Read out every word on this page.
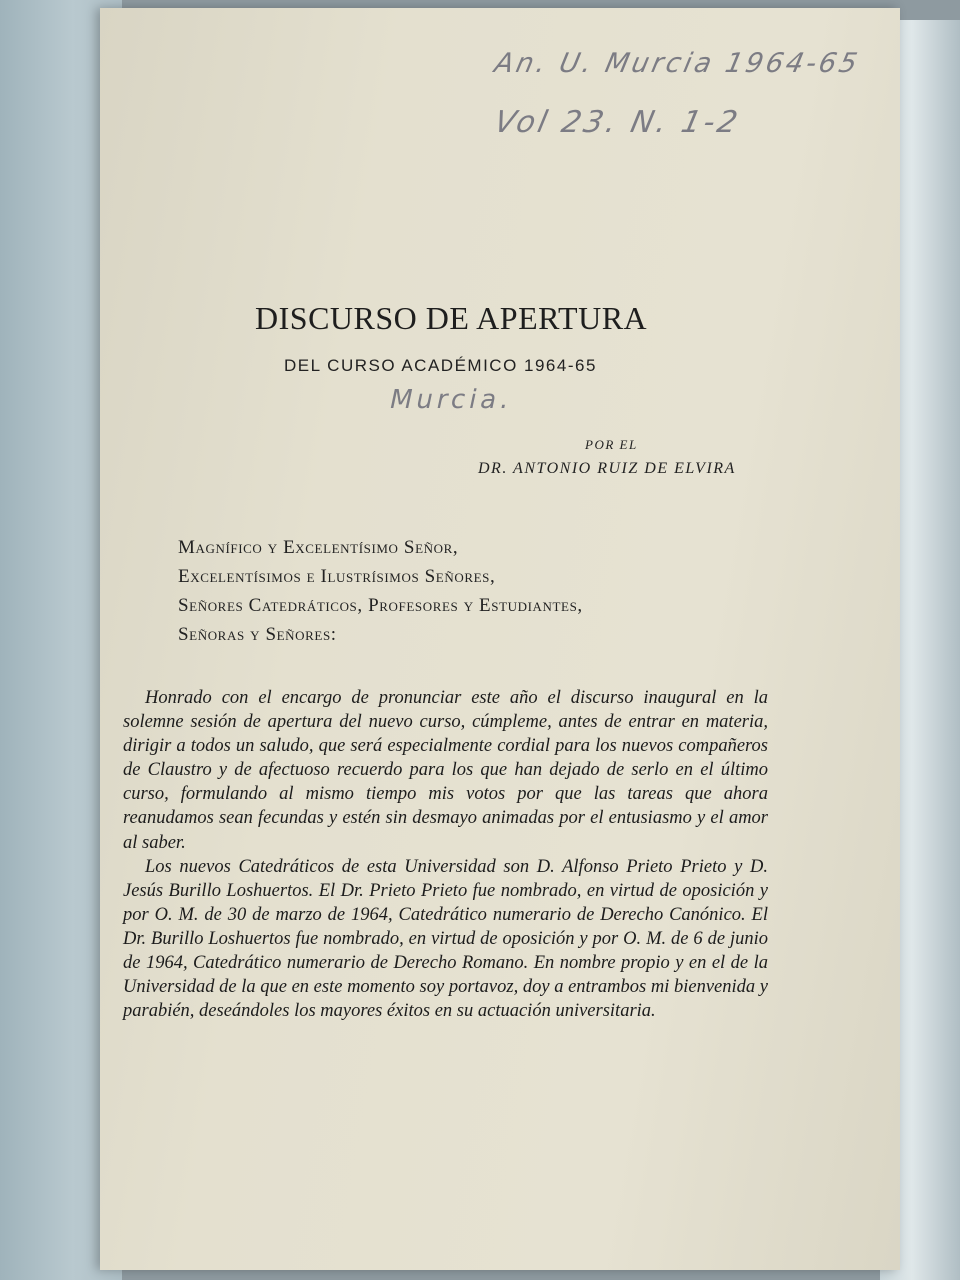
An. U. Murcia 1964-65
Vol 23. N. 1-2
Murcia.
DISCURSO DE APERTURA
DEL CURSO ACADÉMICO 1964-65
POR EL
DR. ANTONIO RUIZ DE ELVIRA
Magnífico y Excelentísimo Señor,
Excelentísimos e Ilustrísimos Señores,
Señores Catedráticos, Profesores y Estudiantes,
Señoras y Señores:

Honrado con el encargo de pronunciar este año el discurso inaugural en la solemne sesión de apertura del nuevo curso, cúmpleme, antes de entrar en materia, dirigir a todos un saludo, que será especialmente cordial para los nuevos compañeros de Claustro y de afectuoso recuerdo para los que han dejado de serlo en el último curso, formulando al mismo tiempo mis votos por que las tareas que ahora reanudamos sean fecundas y estén sin desmayo animadas por el entusiasmo y el amor al saber.

Los nuevos Catedráticos de esta Universidad son D. Alfonso Prieto Prieto y D. Jesús Burillo Loshuertos. El Dr. Prieto Prieto fue nombrado, en virtud de oposición y por O. M. de 30 de marzo de 1964, Catedrático numerario de Derecho Canónico. El Dr. Burillo Loshuertos fue nombrado, en virtud de oposición y por O. M. de 6 de junio de 1964, Catedrático numerario de Derecho Romano. En nombre propio y en el de la Universidad de la que en este momento soy portavoz, doy a entrambos mi bienvenida y parabién, deseándoles los mayores éxitos en su actuación universitaria.
